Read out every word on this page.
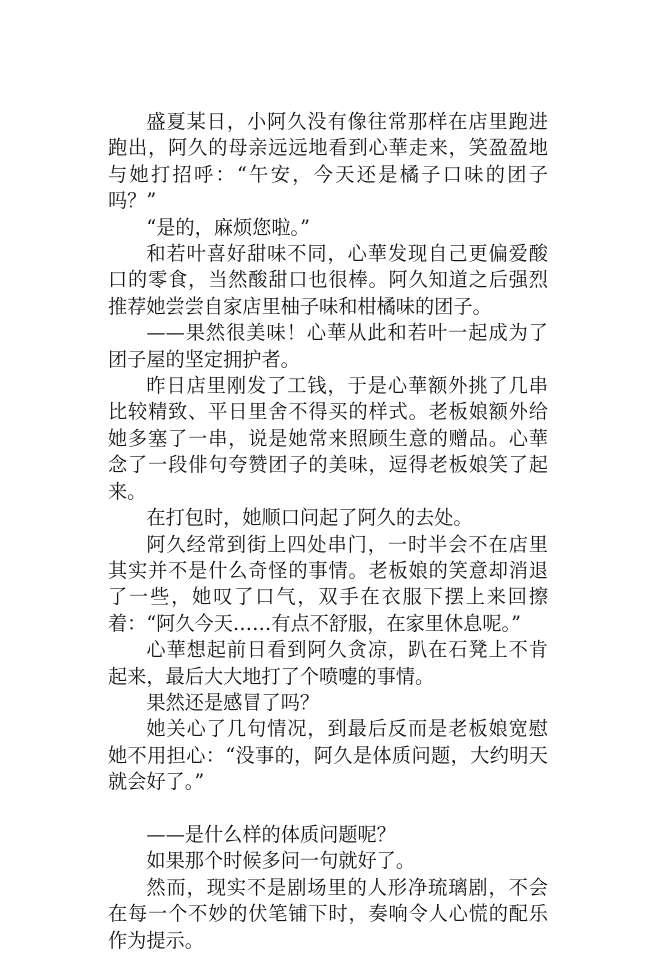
盛夏某日，小阿久没有像往常那样在店里跑进跑出，阿久的母亲远远地看到心華走来，笑盈盈地与她打招呼：“午安，今天还是橘子口味的团子吗？”

“是的，麻烦您啦。”

和若叶喜好甜味不同，心華发现自己更偏爱酸口的零食，当然酸甜口也很棒。阿久知道之后强烈推荐她尝尝自家店里柚子味和柑橘味的团子。

——果然很美味！心華从此和若叶一起成为了团子屋的坚定拥护者。

昨日店里刚发了工钱，于是心華额外挑了几串比较精致、平日里舍不得买的样式。老板娘额外给她多塞了一串，说是她常来照顾生意的赠品。心華念了一段俳句夸赞团子的美味，逗得老板娘笑了起来。

在打包时，她顺口问起了阿久的去处。

阿久经常到街上四处串门，一时半会不在店里其实并不是什么奇怪的事情。老板娘的笑意却消退了一些，她叹了口气，双手在衣服下摆上来回擦着：“阿久今天……有点不舒服，在家里休息呢。”

心華想起前日看到阿久贪凉，趴在石凳上不肯起来，最后大大地打了个喷嚏的事情。

果然还是感冒了吗？

她关心了几句情况，到最后反而是老板娘宽慰她不用担心：“没事的，阿久是体质问题，大约明天就会好了。”

——是什么样的体质问题呢？

如果那个时候多问一句就好了。

然而，现实不是剧场里的人形净琉璃剧，不会在每一个不妙的伏笔铺下时，奏响令人心慌的配乐作为提示。
